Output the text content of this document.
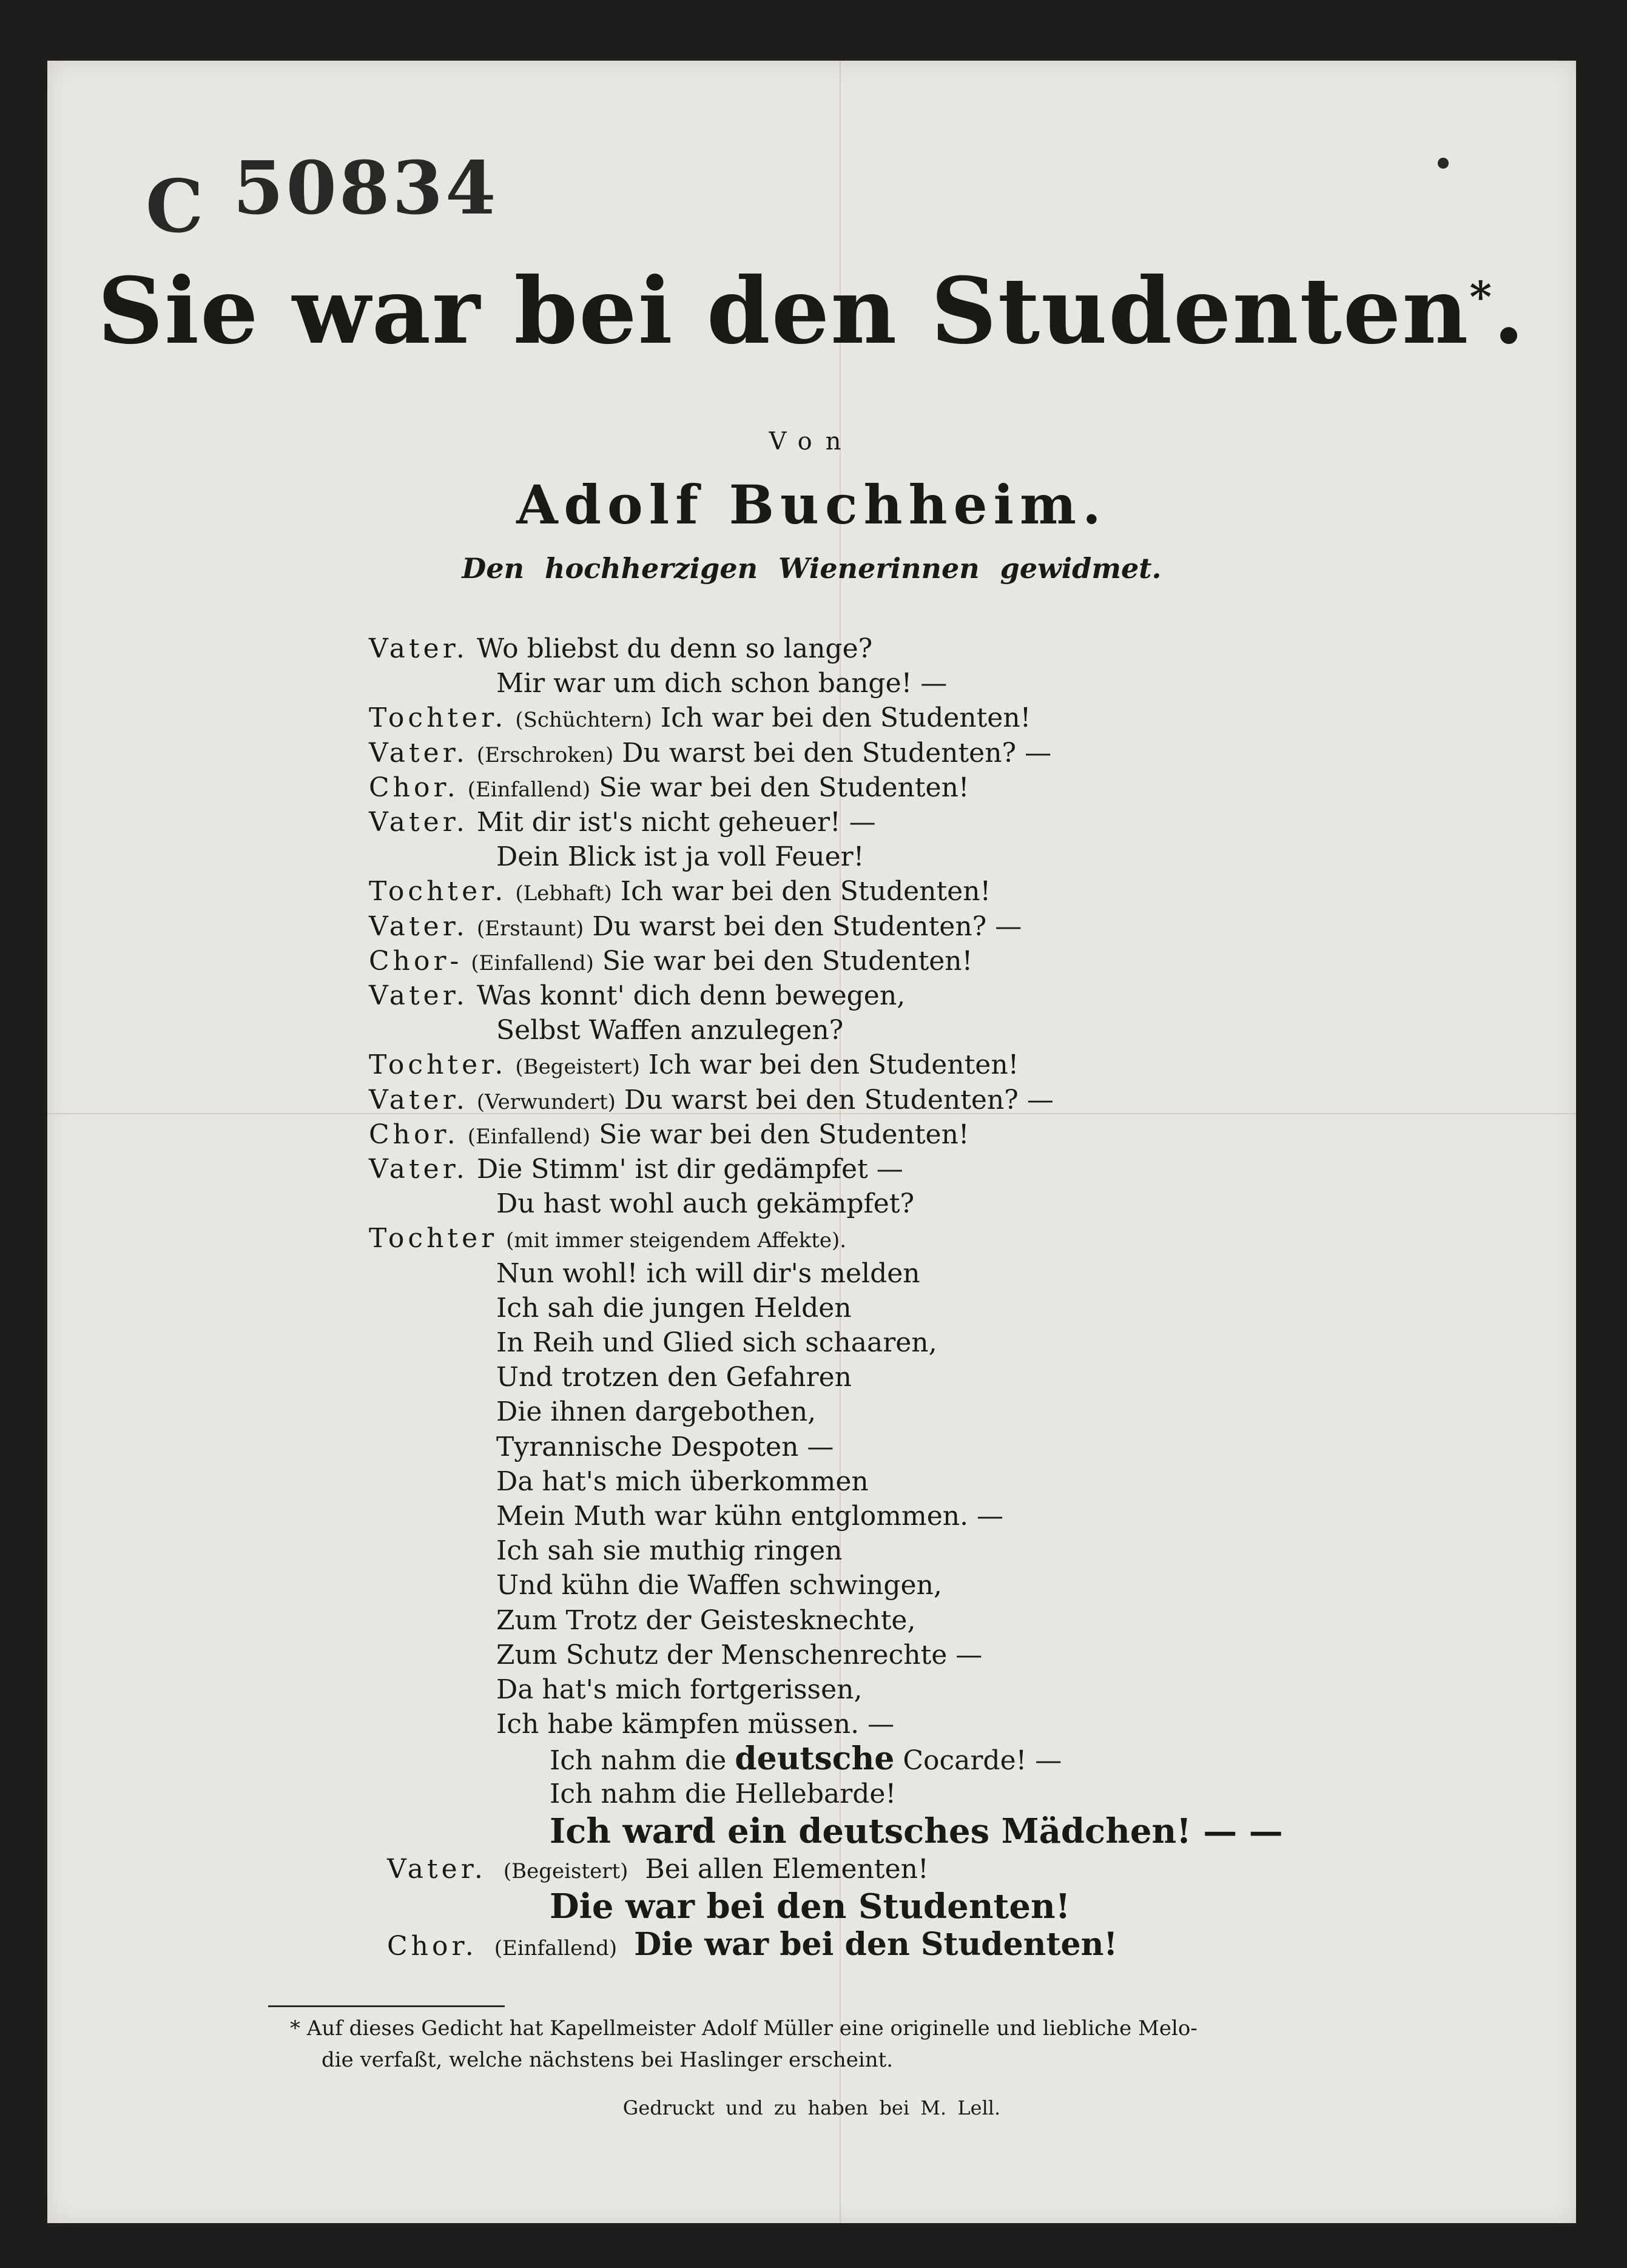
C 50834
Sie war bei den Studenten*.
Von
Adolf Buchheim.
Den hochherzigen Wienerinnen gewidmet.
Vater. Wo bliebst du denn so lange?
Mir war um dich schon bange! —
Tochter. (Schüchtern) Ich war bei den Studenten!
Vater. (Erschroken) Du warst bei den Studenten? —
Chor. (Einfallend) Sie war bei den Studenten!
Vater. Mit dir ist's nicht geheuer! —
Dein Blick ist ja voll Feuer!
Tochter. (Lebhaft) Ich war bei den Studenten!
Vater. (Erstaunt) Du warst bei den Studenten? —
Chor- (Einfallend) Sie war bei den Studenten!
Vater. Was konnt' dich denn bewegen,
Selbst Waffen anzulegen?
Tochter. (Begeistert) Ich war bei den Studenten!
Vater. (Verwundert) Du warst bei den Studenten? —
Chor. (Einfallend) Sie war bei den Studenten!
Vater. Die Stimm' ist dir gedämpfet —
Du hast wohl auch gekämpfet?
Tochter (mit immer steigendem Affekte).
Nun wohl! ich will dir's melden
Ich sah die jungen Helden
In Reih und Glied sich schaaren,
Und trotzen den Gefahren
Die ihnen dargebothen,
Tyrannische Despoten —
Da hat's mich überkommen
Mein Muth war kühn entglommen. —
Ich sah sie muthig ringen
Und kühn die Waffen schwingen,
Zum Trotz der Geistesknechte,
Zum Schutz der Menschenrechte —
Da hat's mich fortgerissen,
Ich habe kämpfen müssen. —
Ich nahm die deutsche Cocarde! —
Ich nahm die Hellebarde!
Ich ward ein deutsches Mädchen! — —
Vater. (Begeistert) Bei allen Elementen!
Die war bei den Studenten!
Chor. (Einfallend) Die war bei den Studenten!
* Auf dieses Gedicht hat Kapellmeister Adolf Müller eine originelle und liebliche Melo-
die verfaßt, welche nächstens bei Haslinger erscheint.
Gedruckt und zu haben bei M. Lell.
